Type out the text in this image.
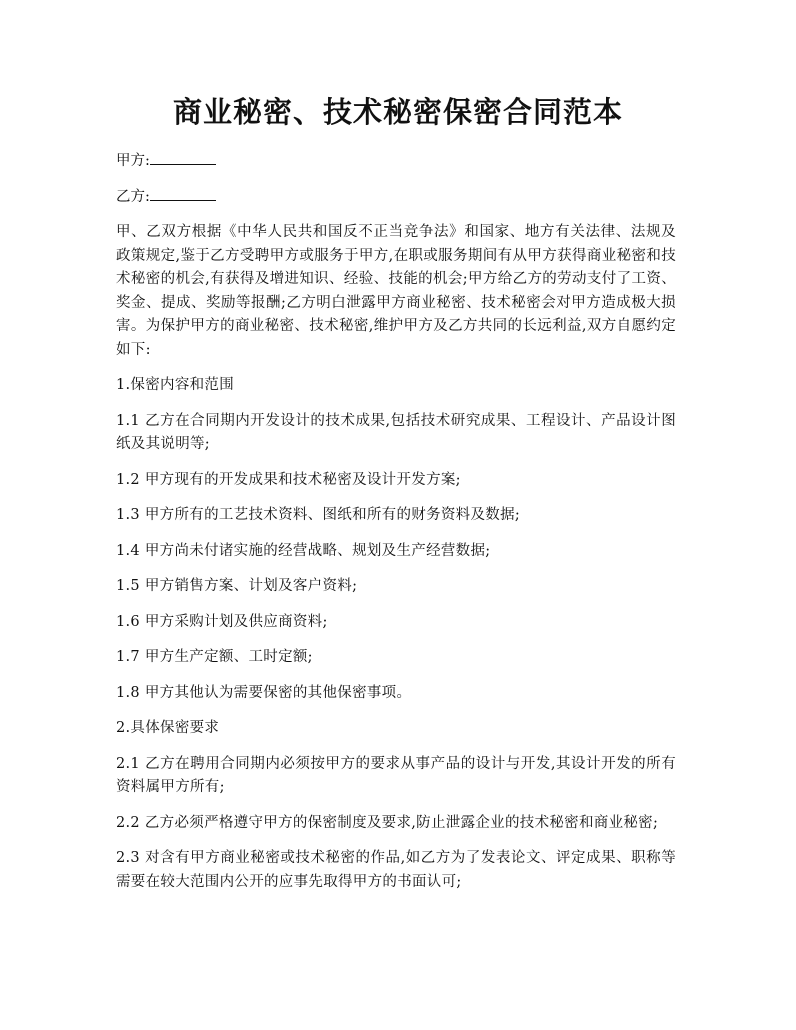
商业秘密、技术秘密保密合同范本

甲方:

乙方:

甲、乙双方根据《中华人民共和国反不正当竞争法》和国家、地方有关法律、法规及政策规定,鉴于乙方受聘甲方或服务于甲方,在职或服务期间有从甲方获得商业秘密和技术秘密的机会,有获得及增进知识、经验、技能的机会;甲方给乙方的劳动支付了工资、奖金、提成、奖励等报酬;乙方明白泄露甲方商业秘密、技术秘密会对甲方造成极大损害。为保护甲方的商业秘密、技术秘密,维护甲方及乙方共同的长远利益,双方自愿约定如下:

1.保密内容和范围

1.1 乙方在合同期内开发设计的技术成果,包括技术研究成果、工程设计、产品设计图纸及其说明等;

1.2 甲方现有的开发成果和技术秘密及设计开发方案;

1.3 甲方所有的工艺技术资料、图纸和所有的财务资料及数据;

1.4 甲方尚未付诸实施的经营战略、规划及生产经营数据;

1.5 甲方销售方案、计划及客户资料;

1.6 甲方采购计划及供应商资料;

1.7 甲方生产定额、工时定额;

1.8 甲方其他认为需要保密的其他保密事项。

2.具体保密要求

2.1 乙方在聘用合同期内必须按甲方的要求从事产品的设计与开发,其设计开发的所有资料属甲方所有;

2.2 乙方必须严格遵守甲方的保密制度及要求,防止泄露企业的技术秘密和商业秘密;

2.3 对含有甲方商业秘密或技术秘密的作品,如乙方为了发表论文、评定成果、职称等需要在较大范围内公开的应事先取得甲方的书面认可;
